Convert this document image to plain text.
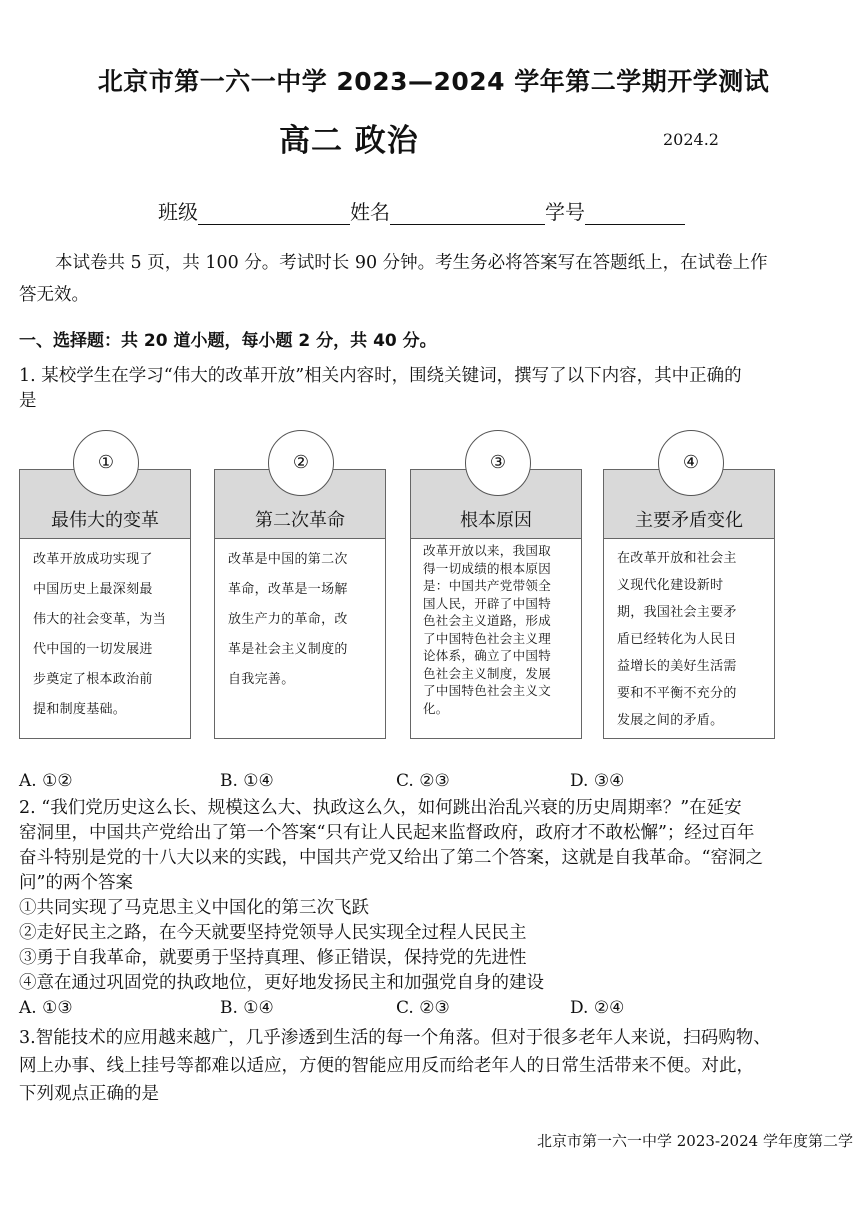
北京市第一六一中学 2023—2024 学年第二学期开学测试
高二 政治	2024.2
班级	姓名	学号
本试卷共 5 页，共 100 分。考试时长 90 分钟。考生务必将答案写在答题纸上，在试卷上作
答无效。
一、选择题：共 20 道小题，每小题 2 分，共 40 分。
1. 某校学生在学习“伟大的改革开放”相关内容时，围绕关键词，撰写了以下内容，其中正确的
是
最伟大的变革
改革开放成功实现了
中国历史上最深刻最
伟大的社会变革，为当
代中国的一切发展进
步奠定了根本政治前
提和制度基础。
①
第二次革命
改革是中国的第二次
革命，改革是一场解
放生产力的革命，改
革是社会主义制度的
自我完善。
②
根本原因
改革开放以来，我国取
得一切成绩的根本原因
是：中国共产党带领全
国人民，开辟了中国特
色社会主义道路，形成
了中国特色社会主义理
论体系，确立了中国特
色社会主义制度，发展
了中国特色社会主义文
化。
③
主要矛盾变化
在改革开放和社会主
义现代化建设新时
期，我国社会主要矛
盾已经转化为人民日
益增长的美好生活需
要和不平衡不充分的
发展之间的矛盾。
④
A. ①②	B. ①④	C. ②③	D. ③④
2. “我们党历史这么长、规模这么大、执政这么久，如何跳出治乱兴衰的历史周期率？”在延安
窑洞里，中国共产党给出了第一个答案“只有让人民起来监督政府，政府才不敢松懈”；经过百年
奋斗特别是党的十八大以来的实践，中国共产党又给出了第二个答案，这就是自我革命。“窑洞之
问”的两个答案
①共同实现了马克思主义中国化的第三次飞跃
②走好民主之路，在今天就要坚持党领导人民实现全过程人民民主
③勇于自我革命，就要勇于坚持真理、修正错误，保持党的先进性
④意在通过巩固党的执政地位，更好地发扬民主和加强党自身的建设
A. ①③	B. ①④	C. ②③	D. ②④
3.智能技术的应用越来越广，几乎渗透到生活的每一个角落。但对于很多老年人来说，扫码购物、
网上办事、线上挂号等都难以适应，方便的智能应用反而给老年人的日常生活带来不便。对此，
下列观点正确的是
北京市第一六一中学 2023-2024 学年度第二学
